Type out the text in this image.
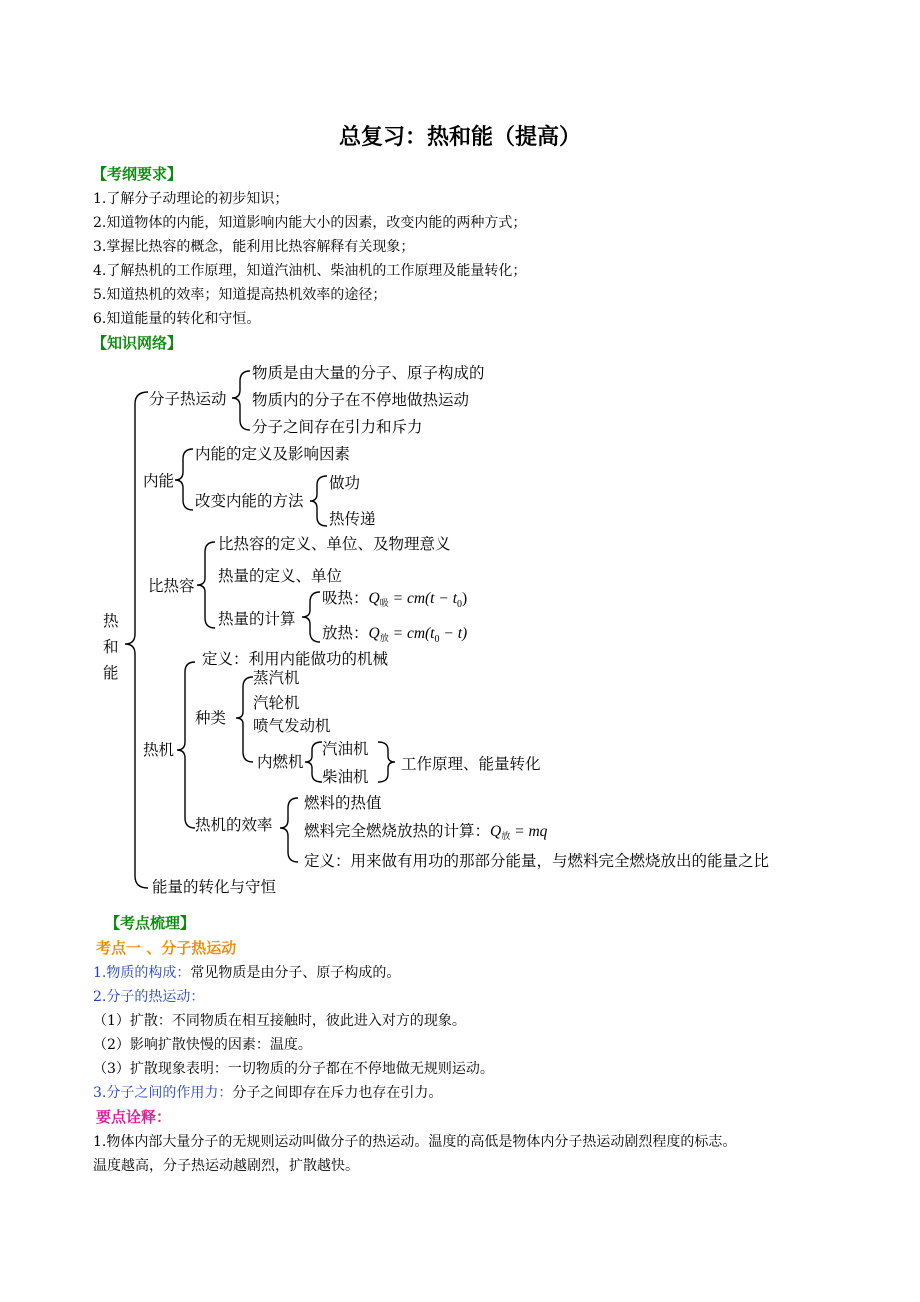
总复习：热和能（提高）
【考纲要求】
1.了解分子动理论的初步知识；
2.知道物体的内能，知道影响内能大小的因素，改变内能的两种方式；
3.掌握比热容的概念，能利用比热容解释有关现象；
4.了解热机的工作原理，知道汽油机、柴油机的工作原理及能量转化；
5.知道热机的效率；知道提高热机效率的途径；
6.知道能量的转化和守恒。
【知识网络】
热
和
能
分子热运动
物质是由大量的分子、原子构成的
物质内的分子在不停地做热运动
分子之间存在引力和斥力
内能
内能的定义及影响因素
改变内能的方法
做功
热传递
比热容
比热容的定义、单位、及物理意义
热量的定义、单位
热量的计算
吸热：Q吸 = $cm(t - t_0)$
放热：Q放 = $cm(t_0 - t)$
热机
定义：利用内能做功的机械
种类
蒸汽机
汽轮机
喷气发动机
内燃机
汽油机
柴油机
工作原理、能量转化
热机的效率
燃料的热值
燃料完全燃烧放热的计算：Q放 = mq
定义：用来做有用功的那部分能量，与燃料完全燃烧放出的能量之比
能量的转化与守恒
【考点梳理】
考点一 、分子热运动
1.物质的构成：常见物质是由分子、原子构成的。
2.分子的热运动：
（1）扩散：不同物质在相互接触时，彼此进入对方的现象。
（2）影响扩散快慢的因素：温度。
（3）扩散现象表明：一切物质的分子都在不停地做无规则运动。
3.分子之间的作用力：分子之间即存在斥力也存在引力。
要点诠释：
1.物体内部大量分子的无规则运动叫做分子的热运动。温度的高低是物体内分子热运动剧烈程度的标志。
温度越高，分子热运动越剧烈，扩散越快。
